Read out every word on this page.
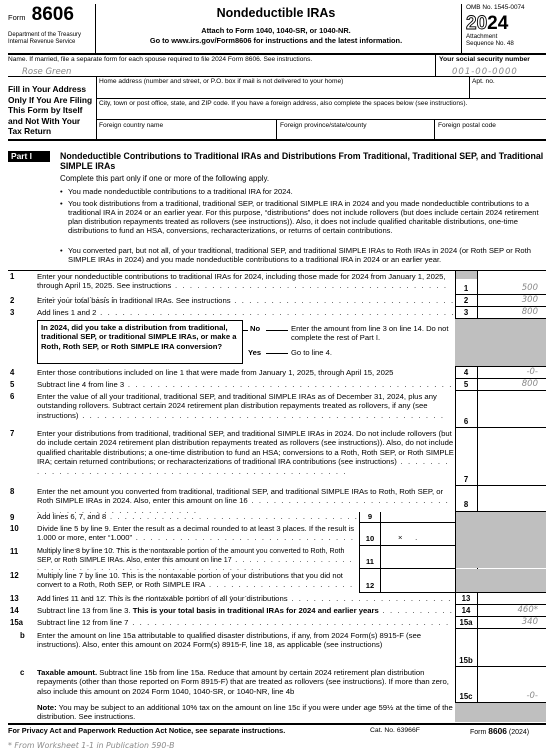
Form 8606
Department of the Treasury
Internal Revenue Service
Nondeductible IRAs
Attach to Form 1040, 1040-SR, or 1040-NR.
Go to www.irs.gov/Form8606 for instructions and the latest information.
OMB No. 1545-0074
2024
Attachment
Sequence No. 48
Name. If married, file a separate form for each spouse required to file 2024 Form 8606. See instructions.
Rose Green
Your social security number
001-00-0000
Fill in Your Address Only If You Are Filing This Form by Itself and Not With Your Tax Return
Home address (number and street, or P.O. box if mail is not delivered to your home)	Apt. no.
City, town or post office, state, and ZIP code. If you have a foreign address, also complete the spaces below (see instructions).
Foreign country name	Foreign province/state/county	Foreign postal code
Part I	Nondeductible Contributions to Traditional IRAs and Distributions From Traditional, Traditional SEP, and Traditional SIMPLE IRAs
Complete this part only if one or more of the following apply.
• You made nondeductible contributions to a traditional IRA for 2024.
• You took distributions from a traditional, traditional SEP, or traditional SIMPLE IRA in 2024 and you made nondeductible contributions to a traditional IRA in 2024 or an earlier year. For this purpose, “distributions” does not include rollovers (but does include certain 2024 retirement plan distribution repayments treated as rollovers (see instructions)). Also, it does not include qualified charitable distributions, one-time distributions to fund an HSA, conversions, recharacterizations, or returns of certain contributions.
• You converted part, but not all, of your traditional, traditional SEP, and traditional SIMPLE IRAs to Roth IRAs in 2024 (or Roth SEP or Roth SIMPLE IRAs in 2024) and you made nondeductible contributions to a traditional IRA in 2024 or an earlier year.
1	Enter your nondeductible contributions to traditional IRAs for 2024, including those made for 2024 from January 1, 2025, through April 15, 2025. See instructions . . .	1	500
2	Enter your total basis in traditional IRAs. See instructions . . .	2	300
3	Add lines 1 and 2 . . .	3	800
In 2024, did you take a distribution from traditional, traditional SEP, or traditional SIMPLE IRAs, or make a Roth, Roth SEP, or Roth SIMPLE IRA conversion?
No	Enter the amount from line 3 on line 14. Do not complete the rest of Part I.
Yes	Go to line 4.
4	Enter those contributions included on line 1 that were made from January 1, 2025, through April 15, 2025	4	-0-
5	Subtract line 4 from line 3 . . .	5	800
6	Enter the value of all your traditional, traditional SEP, and traditional SIMPLE IRAs as of December 31, 2024, plus any outstanding rollovers. Subtract certain 2024 retirement plan distribution repayments treated as rollovers, if any (see instructions) . . .
6
7	Enter your distributions from traditional, traditional SEP, and traditional SIMPLE IRAs in 2024. Do not include rollovers (but do include certain 2024 retirement plan distribution repayments treated as rollovers (see instructions)). Also, do not include qualified charitable distributions; a one-time distribution to fund an HSA; conversions to a Roth, Roth SEP, or Roth SIMPLE IRA; certain returned contributions; or recharacterizations of traditional IRA contributions (see instructions) . . .
7
8	Enter the net amount you converted from traditional, traditional SEP, and traditional SIMPLE IRAs to Roth, Roth SEP, or Roth SIMPLE IRAs in 2024. Also, enter this amount on line 16 . . .	8
9	Add lines 6, 7, and 8 . . .	9
10 Divide line 5 by line 9. Enter the result as a decimal rounded to at least 3 places. If the result is 1.000 or more, enter “1.000” . . .	10	×      .
11	Multiply line 8 by line 10. This is the nontaxable portion of the amount you converted to Roth, Roth SEP, or Roth SIMPLE IRAs. Also, enter this amount on line 17 . . .	11
12 Multiply line 7 by line 10. This is the nontaxable portion of your distributions that you did not convert to a Roth, Roth SEP, or Roth SIMPLE IRA . . .	12
13 Add lines 11 and 12. This is the nontaxable portion of all your distributions . . .	13
14 Subtract line 13 from line 3. This is your total basis in traditional IRAs for 2024 and earlier years . . .	14	460*
15a Subtract line 12 from line 7 . . .	15a	340
b Enter the amount on line 15a attributable to qualified disaster distributions, if any, from 2024 Form(s) 8915-F (see instructions). Also, enter this amount on 2024 Form(s) 8915-F, line 18, as applicable (see instructions)
15b
c Taxable amount. Subtract line 15b from line 15a. Reduce that amount by certain 2024 retirement plan distribution repayments (other than those reported on Form 8915-F) that are treated as rollovers (see instructions). If more than zero, also include this amount on 2024 Form 1040, 1040-SR, or 1040-NR, line 4b
15c	-0-
Note: You may be subject to an additional 10% tax on the amount on line 15c if you were under age 59½ at the time of the distribution. See instructions.
For Privacy Act and Paperwork Reduction Act Notice, see separate instructions.	Cat. No. 63966F	Form 8606 (2024)
* From Worksheet 1-1 in Publication 590-B
